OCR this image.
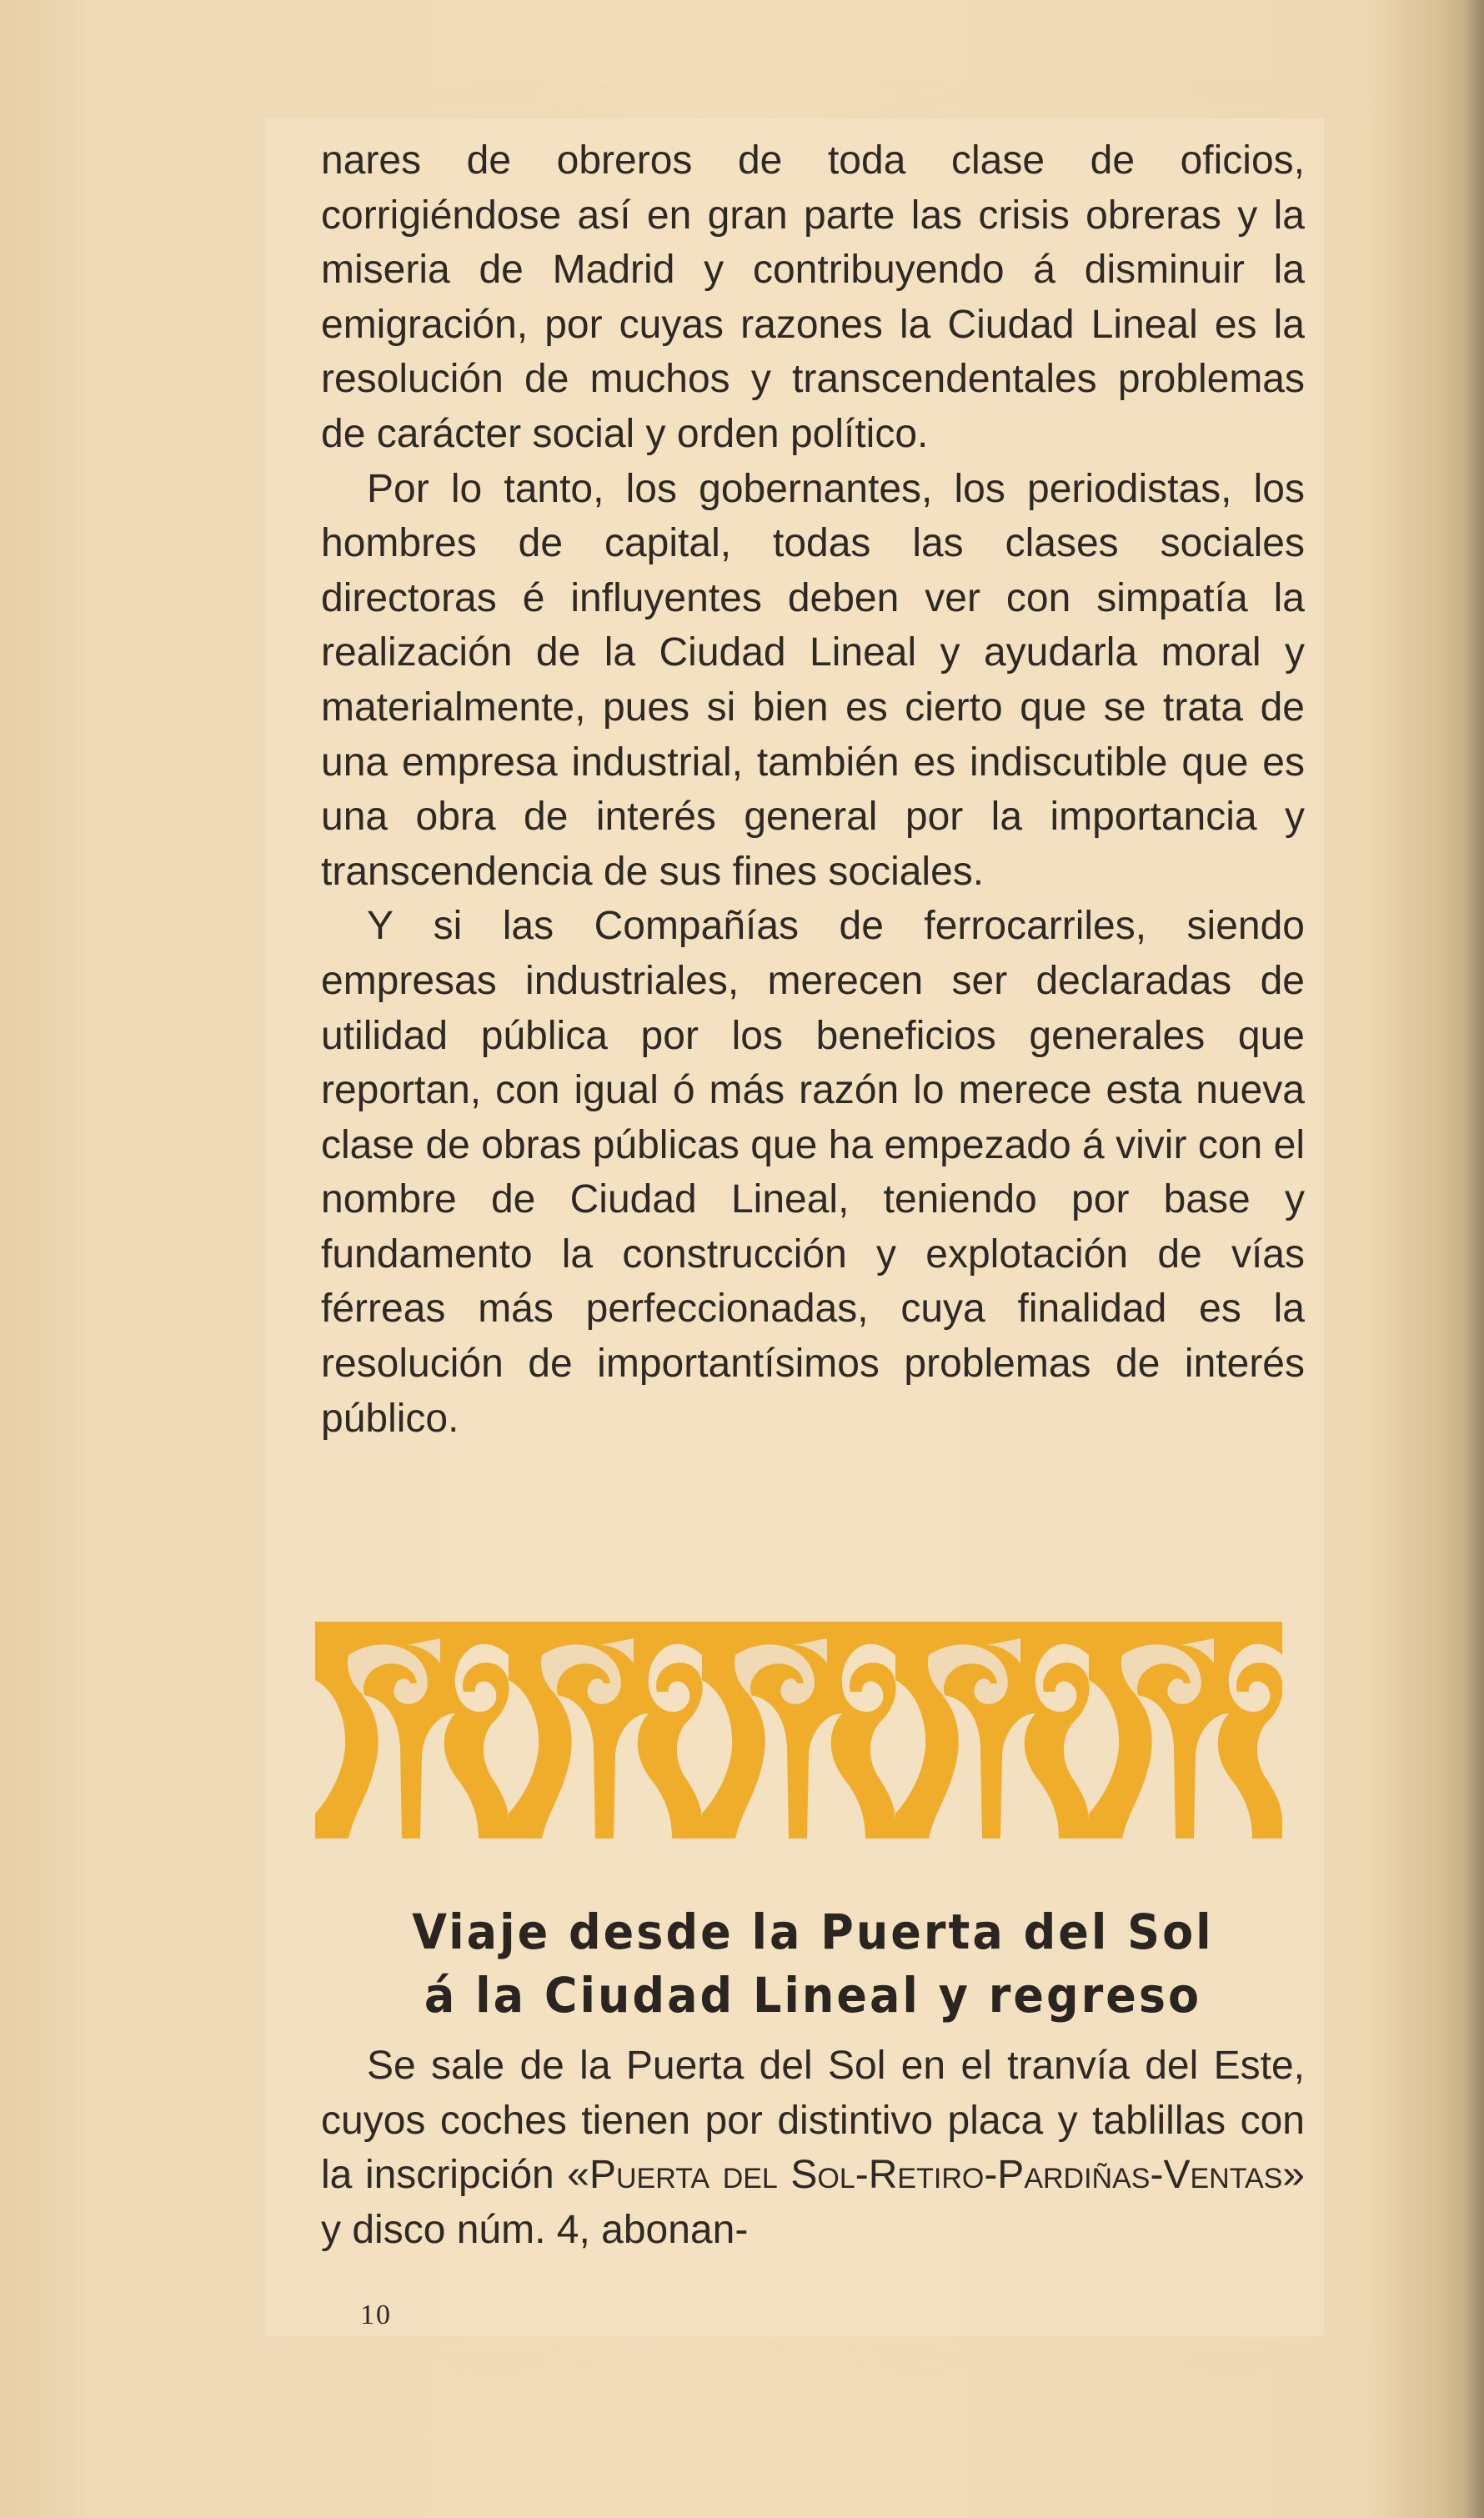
nares de obreros de toda clase de oficios, corrigiéndose así en gran parte las crisis obreras y la miseria de Madrid y contribuyendo á disminuir la emigración, por cuyas razones la Ciudad Lineal es la resolución de muchos y transcendentales problemas de carácter social y orden político.

Por lo tanto, los gobernantes, los periodistas, los hombres de capital, todas las clases sociales directoras é influyentes deben ver con simpatía la realización de la Ciudad Lineal y ayudarla moral y materialmente, pues si bien es cierto que se trata de una empresa industrial, también es indiscutible que es una obra de interés general por la importancia y transcendencia de sus fines sociales.

Y si las Compañías de ferrocarriles, siendo empresas industriales, merecen ser declaradas de utilidad pública por los beneficios generales que reportan, con igual ó más razón lo merece esta nueva clase de obras públicas que ha empezado á vivir con el nombre de Ciudad Lineal, teniendo por base y fundamento la construcción y explotación de vías férreas más perfeccionadas, cuya finalidad es la resolución de importantísimos problemas de interés público.

Viaje desde la Puerta del Sol
á la Ciudad Lineal y regreso

Se sale de la Puerta del Sol en el tranvía del Este, cuyos coches tienen por distintivo placa y tablillas con la inscripción «Puerta del Sol-Retiro-Pardiñas-Ventas» y disco núm. 4, abonan-

10
